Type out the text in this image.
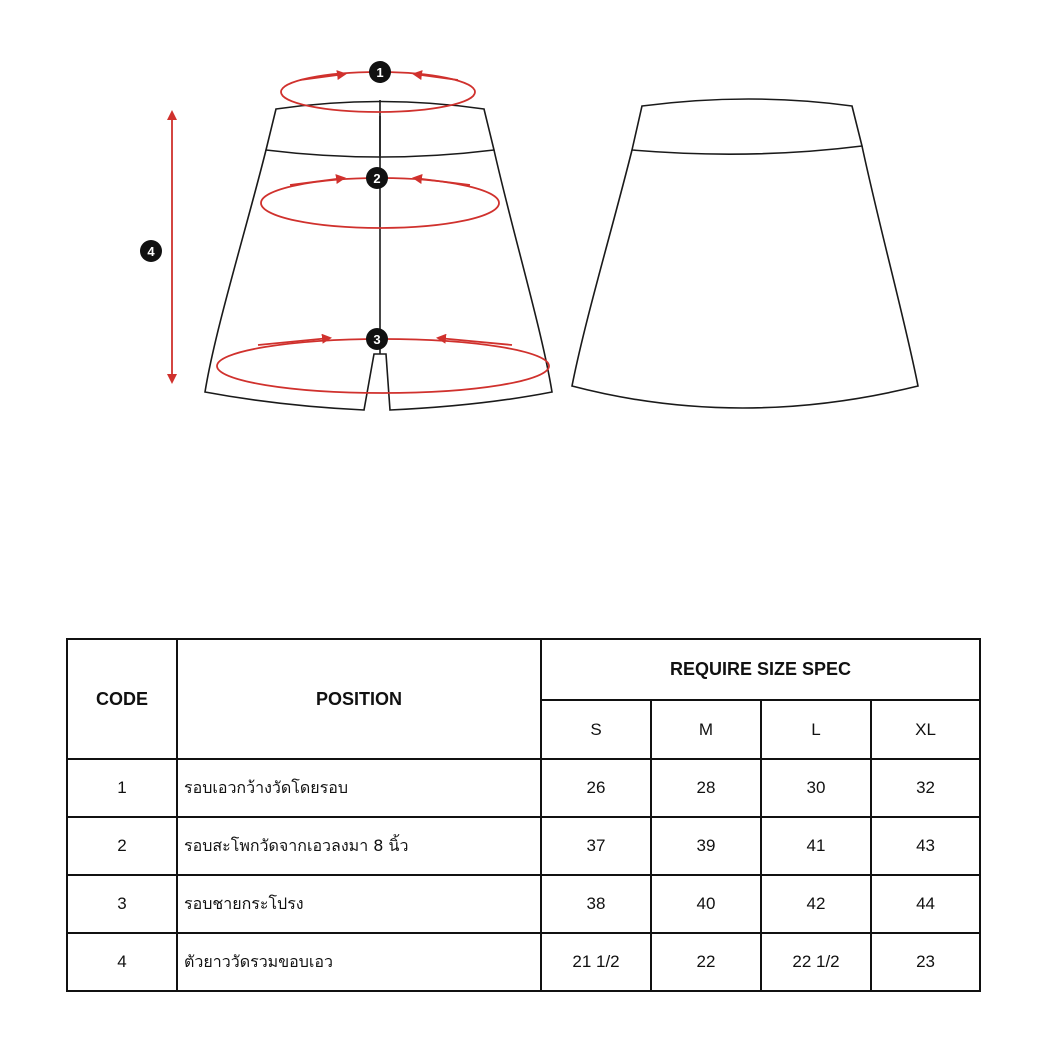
1
2
3
4
CODE	POSITION	REQUIRE SIZE SPEC			
		S	M	L	XL
1	รอบเอวกว้างวัดโดยรอบ	26	28	30	32
2	รอบสะโพกวัดจากเอวลงมา 8 นิ้ว	37	39	41	43
3	รอบชายกระโปรง	38	40	42	44
4	ตัวยาววัดรวมขอบเอว	21 1/2	22	22 1/2	23
